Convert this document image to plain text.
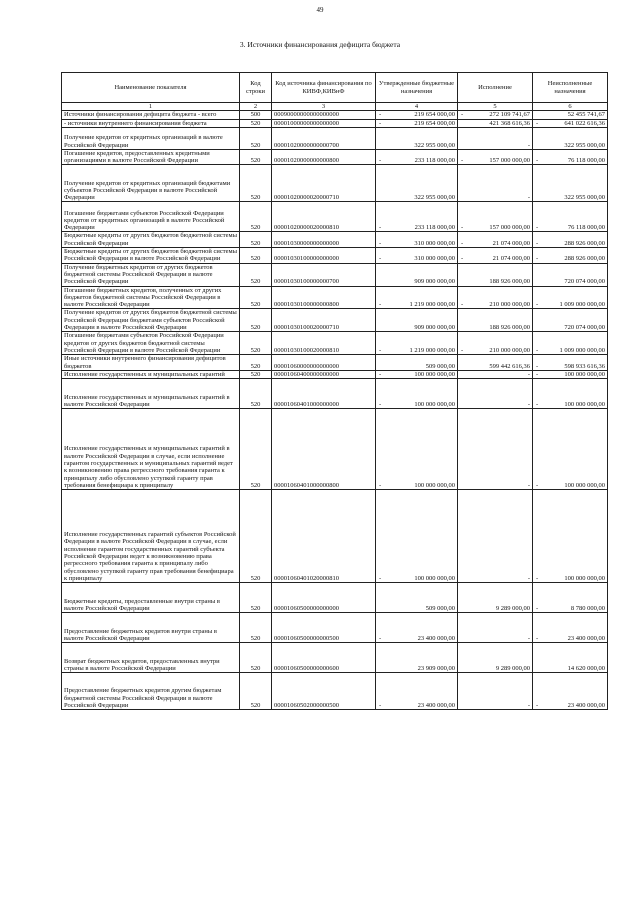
49
3. Источники финансирования дефицита бюджета
Наименование показателя	Код строки	Код источника финансирования по КИВФ,КИВнФ	Утвержденные бюджетные назначения	Исполнение	Неисполненные назначения
1	2	3	4	5	6
Источники финансирования дефицита бюджета - всего	500	00090000000000000000	- 219 654 000,00	- 272 109 741,67	52 455 741,67
- источники внутреннего финансирования бюджета	520	00001000000000000000	- 219 654 000,00	421 368 616,36	- 641 022 616,36
Получение кредитов от кредитных организаций в валюте Российской Федерации	520	00001020000000000700	322 955 000,00	-	322 955 000,00
Погашение кредитов, предоставленных кредитными организациями в валюте Российской Федерации	520	00001020000000000800	- 233 118 000,00	- 157 000 000,00	- 76 118 000,00
Получение кредитов от кредитных организаций бюджетами субъектов Российской Федерации в валюте Российской Федерации	520	00001020000020000710	322 955 000,00	-	322 955 000,00
Погашение бюджетами субъектов Российской Федерации кредитов от кредитных организаций в валюте Российской Федерации	520	00001020000020000810	- 233 118 000,00	- 157 000 000,00	- 76 118 000,00
Бюджетные кредиты от других бюджетов бюджетной системы Российской Федерации	520	00001030000000000000	- 310 000 000,00	- 21 074 000,00	- 288 926 000,00
Бюджетные кредиты от других бюджетов бюджетной системы Российской Федерации в валюте Российской Федерации	520	00001030100000000000	- 310 000 000,00	- 21 074 000,00	- 288 926 000,00
Получение бюджетных кредитов от других бюджетов бюджетной системы Российской Федерации в валюте Российской Федерации	520	00001030100000000700	909 000 000,00	188 926 000,00	720 074 000,00
Погашение бюджетных кредитов, полученных от других бюджетов бюджетной системы Российской Федерации в валюте Российской Федерации	520	00001030100000000800	- 1 219 000 000,00	- 210 000 000,00	- 1 009 000 000,00
Получение кредитов от других бюджетов бюджетной системы Российской Федерации бюджетами субъектов Российской Федерации в валюте Российской Федерации	520	00001030100020000710	909 000 000,00	188 926 000,00	720 074 000,00
Погашение бюджетами субъектов Российской Федерации кредитов от других бюджетов бюджетной системы Российской Федерации в валюте Российской Федерации	520	00001030100020000810	- 1 219 000 000,00	- 210 000 000,00	- 1 009 000 000,00
Иные источники внутреннего финансирования дефицитов бюджетов	520	00001060000000000000	509 000,00	599 442 616,36	- 598 933 616,36
Исполнение государственных и муниципальных гарантий	520	00001060400000000000	- 100 000 000,00	-	- 100 000 000,00
Исполнение государственных и муниципальных гарантий в валюте Российской Федерации	520	00001060401000000000	- 100 000 000,00	-	- 100 000 000,00
Исполнение государственных и муниципальных гарантий в валюте Российской Федерации в случае, если исполнение гарантом государственных и муниципальных гарантий ведет к возникновению права регрессного требования гаранта к принципалу либо обусловлено уступкой гаранту прав требования бенефициара к принципалу	520	00001060401000000800	- 100 000 000,00	-	- 100 000 000,00
Исполнение государственных гарантий субъектов Российской Федерации в валюте Российской Федерации в случае, если исполнение гарантом государственных гарантий субъекта Российской Федерации ведет к возникновению права регрессного требования гаранта к принципалу либо обусловлено уступкой гаранту прав требования бенефициара к принципалу	520	00001060401020000810	- 100 000 000,00	-	- 100 000 000,00
Бюджетные кредиты, предоставленные внутри страны в валюте Российской Федерации	520	00001060500000000000	509 000,00	9 289 000,00	- 8 780 000,00
Предоставление бюджетных кредитов внутри страны в валюте Российской Федерации	520	00001060500000000500	- 23 400 000,00	-	- 23 400 000,00
Возврат бюджетных кредитов, предоставленных внутри страны в валюте Российской Федерации	520	00001060500000000600	23 909 000,00	9 289 000,00	14 620 000,00
Предоставление бюджетных кредитов другим бюджетам бюджетной системы Российской Федерации в валюте Российской Федерации	520	00001060502000000500	- 23 400 000,00	-	- 23 400 000,00
